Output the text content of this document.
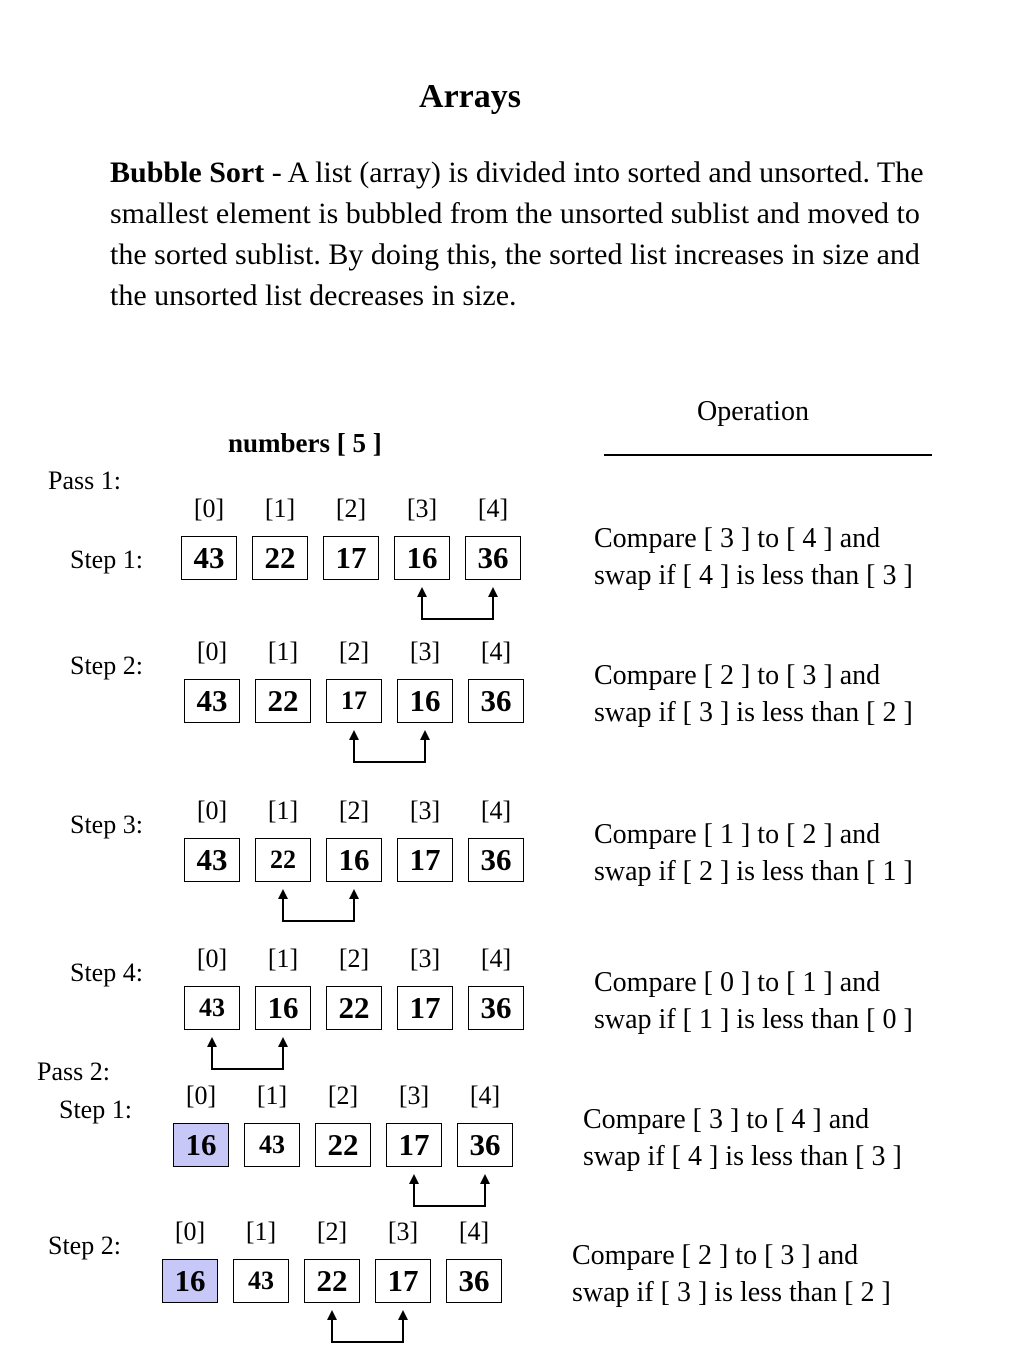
Arrays
Bubble Sort - A list (array) is divided into sorted and unsorted. The smallest element is bubbled from the unsorted sublist and moved to the sorted sublist. By doing this, the sorted list increases in size and the unsorted list decreases in size.
numbers [ 5 ]
Operation
Pass 1:
Pass 2:
Step 1:
[0]	[1]	[2]	[3]	[4]
43	22	17	16	36
Compare [ 3 ] to [ 4 ] and
swap if [ 4 ] is less than [ 3 ]
Step 2:	[0]	[1]	[2]	[3]	[4]
43	22	17	16	36
Compare [ 2 ] to [ 3 ] and
swap if [ 3 ] is less than [ 2 ]
Step 3:	[0]	[1]	[2]	[3]	[4]
43	22	16	17	36
Compare [ 1 ] to [ 2 ] and
swap if [ 2 ] is less than [ 1 ]
Step 4:	[0]	[1]	[2]	[3]	[4]
43	16	22	17	36
Compare [ 0 ] to [ 1 ] and
swap if [ 1 ] is less than [ 0 ]
Step 1:	[0]	[1]	[2]	[3]	[4]
16	43	22	17	36
Compare [ 3 ] to [ 4 ] and
swap if [ 4 ] is less than [ 3 ]
Step 2:	[0]	[1]	[2]	[3]	[4]
16	43	22	17	36
Compare [ 2 ] to [ 3 ] and
swap if [ 3 ] is less than [ 2 ]
